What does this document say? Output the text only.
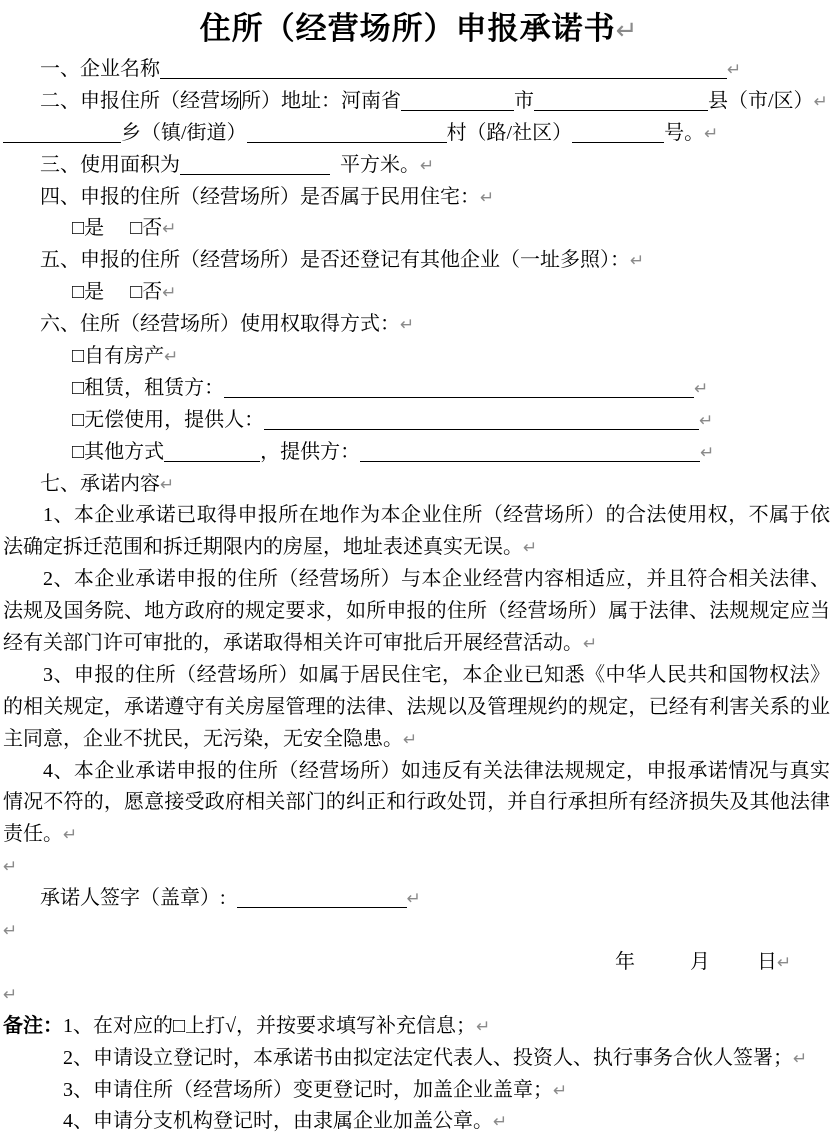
住所（经营场所）申报承诺书↵
一、企业名称	↵
二、申报住所（经营场所）地址：河南省	市	县（市/区）↵
乡（镇/街道）	村（路/社区）	号。↵
三、使用面积为	平方米。↵
四、申报的住所（经营场所）是否属于民用住宅：↵
□是 □否↵
五、申报的住所（经营场所）是否还登记有其他企业（一址多照）：↵
□是 □否↵
六、住所（经营场所）使用权取得方式：↵
□自有房产↵
□租赁，租赁方：	↵
□无偿使用，提供人：	↵
□其他方式	，提供方：	↵
七、承诺内容↵
1、本企业承诺已取得申报所在地作为本企业住所（经营场所）的合法使用权，不属于依
法确定拆迁范围和拆迁期限内的房屋，地址表述真实无误。↵
2、本企业承诺申报的住所（经营场所）与本企业经营内容相适应，并且符合相关法律、
法规及国务院、地方政府的规定要求，如所申报的住所（经营场所）属于法律、法规规定应当
经有关部门许可审批的，承诺取得相关许可审批后开展经营活动。↵
3、申报的住所（经营场所）如属于居民住宅，本企业已知悉《中华人民共和国物权法》
的相关规定，承诺遵守有关房屋管理的法律、法规以及管理规约的规定，已经有利害关系的业
主同意，企业不扰民，无污染，无安全隐患。↵
4、本企业承诺申报的住所（经营场所）如违反有关法律法规规定，申报承诺情况与真实
情况不符的，愿意接受政府相关部门的纠正和行政处罚，并自行承担所有经济损失及其他法律
责任。↵
↵
承诺人签字（盖章）:	↵
↵
年	月 日↵
↵
备注：1、在对应的□上打√，并按要求填写补充信息；↵
2、申请设立登记时，本承诺书由拟定法定代表人、投资人、执行事务合伙人签署；↵
3、申请住所（经营场所）变更登记时，加盖企业盖章；↵
4、申请分支机构登记时，由隶属企业加盖公章。↵
